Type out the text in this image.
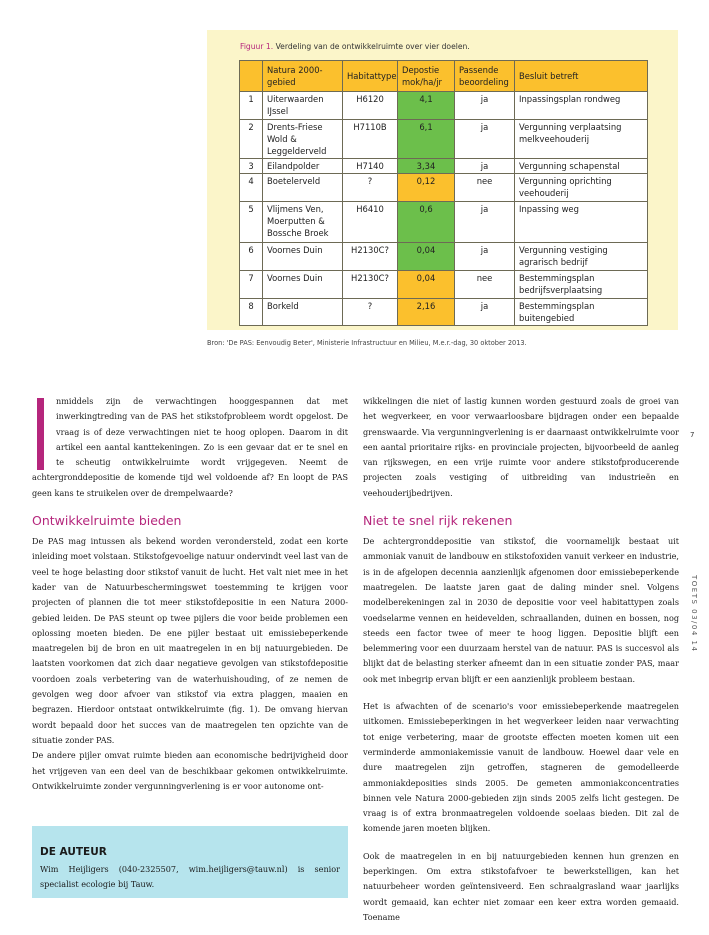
Figuur 1. Verdeling van de ontwikkelruimte over vier doelen.
	Natura 2000-gebied	Habitattype	Depostie mok/ha/jr	Passende beoordeling	Besluit betreft
1	Uiterwaarden IJssel	H6120	4,1	ja	Inpassingsplan rondweg
2	Drents-Friese Wold & Leggelderveld	H7110B	6,1	ja	Vergunning verplaatsing melkveehouderij
3	Eilandpolder	H7140	3,34	ja	Vergunning schapenstal
4	Boetelerveld	?	0,12	nee	Vergunning oprichting veehouderij
5	Vlijmens Ven, Moerputten & Bossche Broek	H6410	0,6	ja	Inpassing weg
6	Voornes Duin	H2130C?	0,04	ja	Vergunning vestiging agrarisch bedrijf
7	Voornes Duin	H2130C?	0,04	nee	Bestemmingsplan bedrijfsverplaatsing
8	Borkeld	?	2,16	ja	Bestemmingsplan buitengebied
Bron: 'De PAS: Eenvoudig Beter', Ministerie Infrastructuur en Milieu, M.e.r.-dag, 30 oktober 2013.

nmiddels zijn de verwachtingen hooggespannen dat met inwerkingtreding van de PAS het stikstofprobleem wordt opgelost. De vraag is of deze verwachtingen niet te hoog oplopen. Daarom in dit artikel een aantal kanttekeningen. Zo is een gevaar dat er te snel en te scheutig ontwikkelruimte wordt vrijgegeven. Neemt de achtergronddepositie de komende tijd wel voldoende af? En loopt de PAS geen kans te struikelen over de drempelwaarde?

Ontwikkelruimte bieden

De PAS mag intussen als bekend worden verondersteld, zodat een korte inleiding moet volstaan. Stikstofgevoelige natuur ondervindt veel last van de veel te hoge belasting door stikstof vanuit de lucht. Het valt niet mee in het kader van de Natuurbeschermingswet toestemming te krijgen voor projecten of plannen die tot meer stikstofdepositie in een Natura 2000-gebied leiden. De PAS steunt op twee pijlers die voor beide problemen een oplossing moeten bieden. De ene pijler bestaat uit emissiebeperkende maatregelen bij de bron en uit maatregelen in en bij natuurgebieden. De laatsten voorkomen dat zich daar negatieve gevolgen van stikstofdepositie voordoen zoals verbetering van de waterhuishouding, of ze nemen de gevolgen weg door afvoer van stikstof via extra plaggen, maaien en begrazen. Hierdoor ontstaat ontwikkelruimte (fig. 1). De omvang hiervan wordt bepaald door het succes van de maatregelen ten opzichte van de situatie zonder PAS.

De andere pijler omvat ruimte bieden aan economische bedrijvigheid door het vrijgeven van een deel van de beschikbaar gekomen ontwikkelruimte. Ontwikkelruimte zonder vergunningverlening is er voor autonome ont-

DE AUTEUR
Wim Heijligers (040-2325507, wim.heijligers@tauw.nl) is senior specialist ecologie bij Tauw.

wikkelingen die niet of lastig kunnen worden gestuurd zoals de groei van het wegverkeer, en voor verwaarloosbare bijdragen onder een bepaalde grenswaarde. Via vergunningverlening is er daarnaast ontwikkelruimte voor een aantal prioritaire rijks- en provinciale projecten, bijvoorbeeld de aanleg van rijkswegen, en een vrije ruimte voor andere stikstofproducerende projecten zoals vestiging of uitbreiding van industrieën en veehouderijbedrijven.

Niet te snel rijk rekenen

De achtergronddepositie van stikstof, die voornamelijk bestaat uit ammoniak vanuit de landbouw en stikstofoxiden vanuit verkeer en industrie, is in de afgelopen decennia aanzienlijk afgenomen door emissiebeperkende maatregelen. De laatste jaren gaat de daling minder snel. Volgens modelberekeningen zal in 2030 de depositie voor veel habitattypen zoals voedselarme vennen en heidevelden, schraallanden, duinen en bossen, nog steeds een factor twee of meer te hoog liggen. Depositie blijft een belemmering voor een duurzaam herstel van de natuur. PAS is succesvol als blijkt dat de belasting sterker afneemt dan in een situatie zonder PAS, maar ook met inbegrip ervan blijft er een aanzienlijk probleem bestaan.

Het is afwachten of de scenario's voor emissiebeperkende maatregelen uitkomen. Emissiebeperkingen in het wegverkeer leiden naar verwachting tot enige verbetering, maar de grootste effecten moeten komen uit een verminderde ammoniakemissie vanuit de landbouw. Hoewel daar vele en dure maatregelen zijn getroffen, stagneren de gemodelleerde ammoniakdeposities sinds 2005. De gemeten ammoniakconcentraties binnen vele Natura 2000-gebieden zijn sinds 2005 zelfs licht gestegen. De vraag is of extra bronmaatregelen voldoende soelaas bieden. Dit zal de komende jaren moeten blijken.

Ook de maatregelen in en bij natuurgebieden kennen hun grenzen en beperkingen. Om extra stikstofafvoer te bewerkstelligen, kan het natuurbeheer worden geïntensiveerd. Een schraalgrasland waar jaarlijks wordt gemaaid, kan echter niet zomaar een keer extra worden gemaaid. Toename

7
TOETS 03/04 14
